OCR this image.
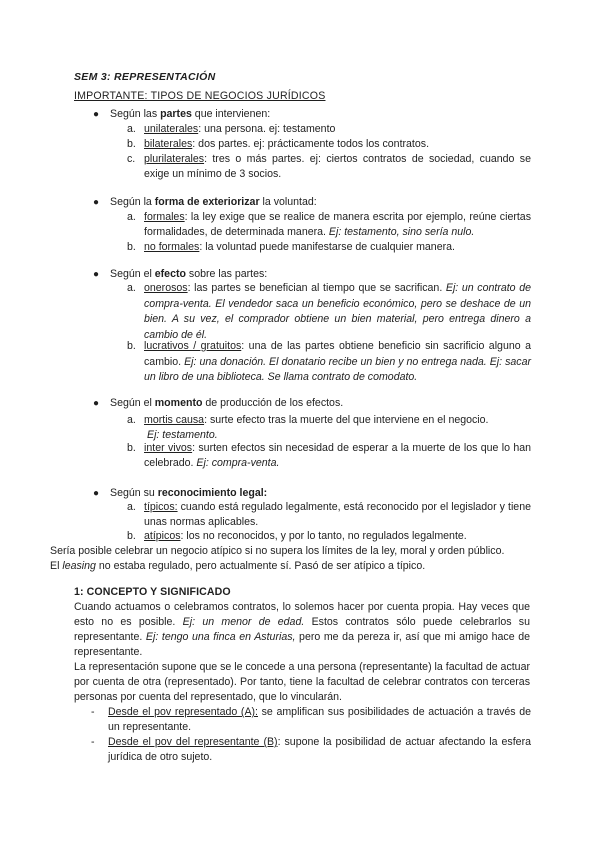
SEM 3: REPRESENTACIÓN
IMPORTANTE: TIPOS DE NEGOCIOS JURÍDICOS
● Según las partes que intervienen:
a. unilaterales: una persona. ej: testamento
b. bilaterales: dos partes. ej: prácticamente todos los contratos.
c. plurilaterales: tres o más partes. ej: ciertos contratos de sociedad, cuando se exige un mínimo de 3 socios.
● Según la forma de exteriorizar la voluntad:
a. formales: la ley exige que se realice de manera escrita por ejemplo, reúne ciertas formalidades, de determinada manera. Ej: testamento, sino sería nulo.
b. no formales: la voluntad puede manifestarse de cualquier manera.
● Según el efecto sobre las partes:
a. onerosos: las partes se benefician al tiempo que se sacrifican. Ej: un contrato de compra-venta. El vendedor saca un beneficio económico, pero se deshace de un bien. A su vez, el comprador obtiene un bien material, pero entrega dinero a cambio de él.
b. lucrativos / gratuitos: una de las partes obtiene beneficio sin sacrificio alguno a cambio. Ej: una donación. El donatario recibe un bien y no entrega nada. Ej: sacar un libro de una biblioteca. Se llama contrato de comodato.
● Según el momento de producción de los efectos.
a. mortis causa: surte efecto tras la muerte del que interviene en el negocio.
Ej: testamento.
b. inter vivos: surten efectos sin necesidad de esperar a la muerte de los que lo han celebrado. Ej: compra-venta.
● Según su reconocimiento legal:
a. típicos: cuando está regulado legalmente, está reconocido por el legislador y tiene unas normas aplicables.
b. atípicos: los no reconocidos, y por lo tanto, no regulados legalmente.
Sería posible celebrar un negocio atípico si no supera los límites de la ley, moral y orden público.
El leasing no estaba regulado, pero actualmente sí. Pasó de ser atípico a típico.
1: CONCEPTO Y SIGNIFICADO
Cuando actuamos o celebramos contratos, lo solemos hacer por cuenta propia. Hay veces que esto no es posible. Ej: un menor de edad. Estos contratos sólo puede celebrarlos su representante. Ej: tengo una finca en Asturias, pero me da pereza ir, así que mi amigo hace de representante.
La representación supone que se le concede a una persona (representante) la facultad de actuar por cuenta de otra (representado). Por tanto, tiene la facultad de celebrar contratos con terceras personas por cuenta del representado, que lo vincularán.
- Desde el pov representado (A): se amplifican sus posibilidades de actuación a través de un representante.
- Desde el pov del representante (B): supone la posibilidad de actuar afectando la esfera jurídica de otro sujeto.
